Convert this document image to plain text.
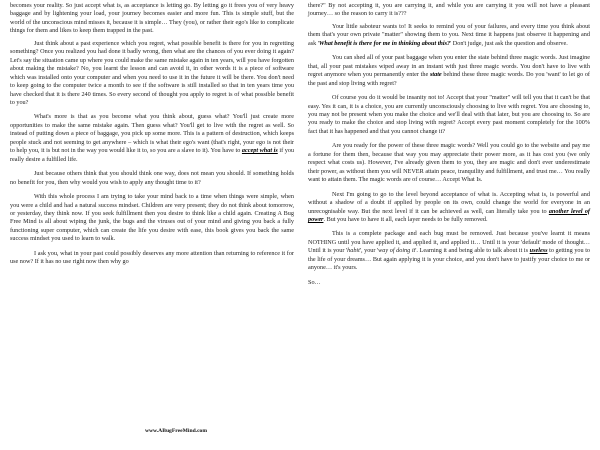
becomes your reality. So just accept what is, as acceptance is letting go. By letting go it frees you of very heavy baggage and by lightening your load, your journey becomes easier and more fun. This is simple stuff, but the world of the unconscious mind misses it, because it is simple… They (you), or rather their ego's like to complicate things for them and likes to keep them trapped in the past.

Just think about a past experience which you regret, what possible benefit is there for you in regretting something? Once you realized you had done it badly wrong, then what are the chances of you ever doing it again? Let's say the situation came up where you could make the same mistake again in ten years, will you have forgotten about making the mistake? No, you learnt the lesson and can avoid it, in other words it is a piece of software which was installed onto your computer and when you need to use it in the future it will be there. You don't need to keep going to the computer twice a month to see if the software is still installed so that in ten years time you have checked that it is there 240 times. So every second of thought you apply to regret is of what possible benefit to you?

What's more is that as you become what you think about, guess what? You'll just create more opportunities to make the same mistake again. Then guess what? You'll get to live with the regret as well. So instead of putting down a piece of baggage, you pick up some more. This is a pattern of destruction, which keeps people stuck and not seeming to get anywhere – which is what their ego's want (that's right, your ego is not their to help you, it is but not in the way you would like it to, so you are a slave to it). You have to accept what is if you really desire a fulfilled life.

Just because others think that you should think one way, does not mean you should. If something holds no benefit for you, then why would you wish to apply any thought time to it?

With this whole process I am trying to take your mind back to a time when things were simple, when you were a child and had a natural success mindset. Children are very present; they do not think about tomorrow, or yesterday, they think now. If you seek fulfillment then you desire to think like a child again. Creating A Bug Free Mind is all about wiping the junk, the bugs and the viruses out of your mind and giving you back a fully functioning super computer, which can create the life you desire with ease, this book gives you back the same success mindset you used to learn to walk.

I ask you, what in your past could possibly deserves any more attention than returning to reference it for use now? If it has no use right now then why go

there?" By not accepting it, you are carrying it, and while you are carrying it you will not have a pleasant journey… so the reason to carry it is???

Your little saboteur wants to! It seeks to remind you of your failures, and every time you think about them that's your own private "matter" showing them to you. Next time it happens just observe it happening and ask 'What benefit is there for me in thinking about this?' Don't judge, just ask the question and observe.

You can shed all of your past baggage when you enter the state behind three magic words. Just imagine that, all your past mistakes wiped away in an instant with just three magic words. You don't have to live with regret anymore when you permanently enter the state behind these three magic words. Do you 'want' to let go of the past and stop living with regret?

Of course you do it would be insanity not to! Accept that your "matter" will tell you that it can't be that easy. Yes it can, it is a choice, you are currently unconsciously choosing to live with regret. You are choosing to, you may not be present when you make the choice and we'll deal with that later, but you are choosing to. So are you ready to make the choice and stop living with regret? Accept every past moment completely for the 100% fact that it has happened and that you cannot change it?

Are you ready for the power of these three magic words? Well you could go to the website and pay me a fortune for them then, because that way you may appreciate their power more, as it has cost you (we only respect what costs us). However, I've already given them to you, they are magic and don't ever underestimate their power, as without them you will NEVER attain peace, tranquility and fulfillment, and trust me… You really want to attain them. The magic words are of course… Accept What Is.

Next I'm going to go to the level beyond acceptance of what is. Accepting what is, is powerful and without a shadow of a doubt if applied by people on its own, could change the world for everyone in an unrecognisable way. But the next level if it can be achieved as well, can literally take you to another level of power. But you have to have it all, each layer needs to be fully removed.

This is a complete package and each bug must be removed. Just because you've learnt it means NOTHING until you have applied it, and applied it, and applied it… Until it is your 'default' mode of thought… Until it is your 'habit', your 'way of doing it'. Learning it and being able to talk about it is useless to getting you to the life of your dreams… But again applying it is your choice, and you don't have to justify your choice to me or anyone… it's yours.

So…

www.ABugFreeMind.com
